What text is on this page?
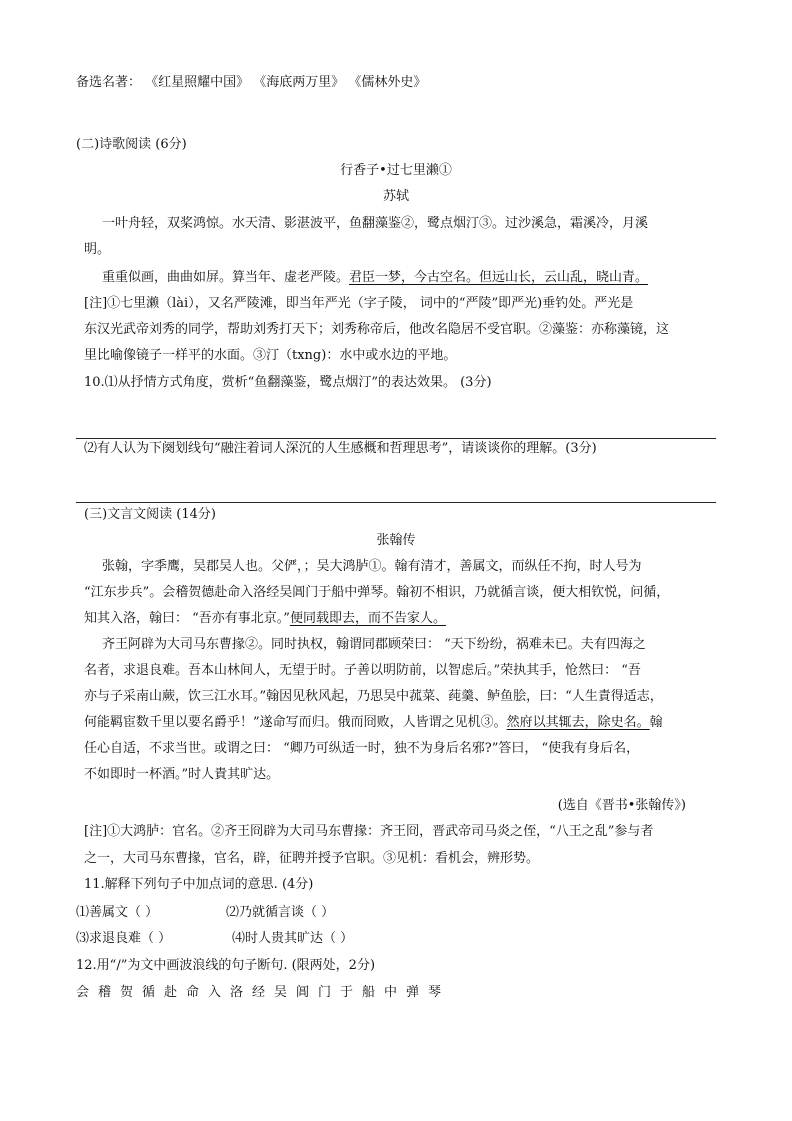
备选名著： 《红星照耀中国》 《海底两万里》 《儒林外史》
(二)诗歌阅读 (6分)
行香子•过七里濑①
苏轼
一叶舟轻，双桨鸿惊。水天清、影湛波平，鱼翻藻鉴②，鹭点烟汀③。过沙溪急，霜溪冷，月溪
明。
重重似画，曲曲如屏。算当年、虚老严陵。君臣一梦，今古空名。但远山长，云山乱，晓山青。
[注]①七里濑（lài），又名严陵滩，即当年严光（字子陵， 词中的“严陵”即严光)垂钓处。严光是
东汉光武帝刘秀的同学，帮助刘秀打天下；刘秀称帝后，他改名隐居不受官职。②藻鉴：亦称藻镜，这
里比喻像镜子一样平的水面。③汀（txng)：水中或水边的平地。
10.⑴从抒情方式角度，赏析“鱼翻藻鉴，鹭点烟汀”的表达效果。 (3分)
⑵有人认为下阕划线句“融注着词人深沉的人生感概和哲理思考”，请谈谈你的理解。(3分)
(三)文言文阅读 (14分)
张翰传
张翰，字季鹰，吴郡吴人也。父俨，；吴大鸿胪①。翰有清才，善属文，而纵任不拘，时人号为
“江东步兵”。会稽贺德赴命入洛经吴阊门于船中弹琴。翰初不相识，乃就循言谈，便大相钦悦，问循，
知其入洛，翰曰： “吾亦有事北京。”便同载即去，而不告家人。
齐王阿辟为大司马东曹掾②。同时执权，翰谓同郡顾荣曰： “天下纷纷，祸难未已。夫有四海之
名者，求退良难。吾本山林间人，无望于时。子善以明防前，以智虑后。”荣执其手，怆然曰： “吾
亦与子采南山蕨，饮三江水耳。”翰因见秋风起，乃思吴中菰菜、莼羹、鲈鱼脍，曰：“人生責得适志，
何能羁宦数千里以要名爵乎！”遂命写而归。俄而冏败，人皆谓之见机③。然府以其辄去，除史名。翰
任心自适，不求当世。或谓之曰： “卿乃可纵适一时，独不为身后名邪?”答曰， “使我有身后名，
不如即时一杯酒。”时人貴其旷达。
(选自《晋书•张翰传》)
[注]①大鸿胪：官名。②齐王冏辟为大司马东曹掾：齐王冏，晋武帝司马炎之侄，“八王之乱”参与者
之一，大司马东曹掾，官名，辟，征聘并授予官职。③见机：看机会，辨形势。
11.解释下列句子中加点词的意思. (4分)
⑴善属文（ ）	⑵乃就循言谈（ ）
⑶求退良难（ ）	⑷时人贵其旷达（ ）
12.用“/”为文中画波浪线的句子断句. (限两处，2分)
会稽贺循赴命入洛经吴阊门于船中弹琴
